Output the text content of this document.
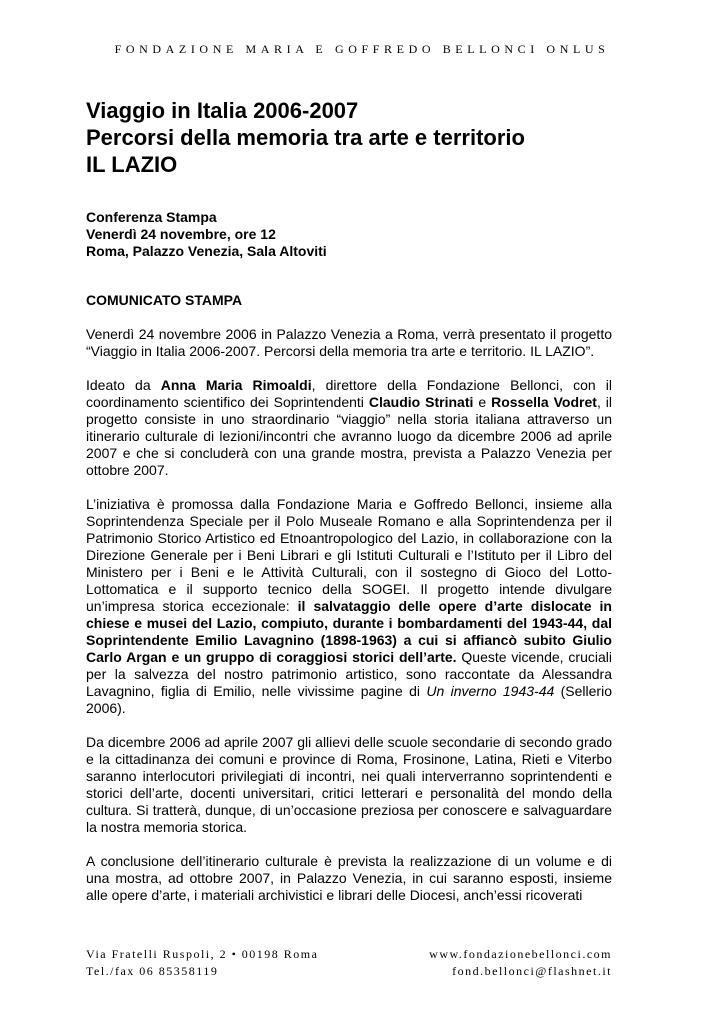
FONDAZIONE MARIA E GOFFREDO BELLONCI ONLUS
Viaggio in Italia 2006-2007
Percorsi della memoria tra arte e territorio
IL LAZIO
Conferenza Stampa
Venerdì 24 novembre, ore 12
Roma, Palazzo Venezia, Sala Altoviti
COMUNICATO STAMPA

Venerdì 24 novembre 2006 in Palazzo Venezia a Roma, verrà presentato il progetto “Viaggio in Italia 2006-2007. Percorsi della memoria tra arte e territorio. IL LAZIO”.

Ideato da Anna Maria Rimoaldi, direttore della Fondazione Bellonci, con il coordinamento scientifico dei Soprintendenti Claudio Strinati e Rossella Vodret, il progetto consiste in uno straordinario “viaggio” nella storia italiana attraverso un itinerario culturale di lezioni/incontri che avranno luogo da dicembre 2006 ad aprile 2007 e che si concluderà con una grande mostra, prevista a Palazzo Venezia per ottobre 2007.

L’iniziativa è promossa dalla Fondazione Maria e Goffredo Bellonci, insieme alla Soprintendenza Speciale per il Polo Museale Romano e alla Soprintendenza per il Patrimonio Storico Artistico ed Etnoantropologico del Lazio, in collaborazione con la Direzione Generale per i Beni Librari e gli Istituti Culturali e l’Istituto per il Libro del Ministero per i Beni e le Attività Culturali, con il sostegno di Gioco del Lotto-Lottomatica e il supporto tecnico della SOGEI. Il progetto intende divulgare un’impresa storica eccezionale: il salvataggio delle opere d’arte dislocate in chiese e musei del Lazio, compiuto, durante i bombardamenti del 1943-44, dal Soprintendente Emilio Lavagnino (1898-1963) a cui si affiancò subito Giulio Carlo Argan e un gruppo di coraggiosi storici dell’arte. Queste vicende, cruciali per la salvezza del nostro patrimonio artistico, sono raccontate da Alessandra Lavagnino, figlia di Emilio, nelle vivissime pagine di Un inverno 1943-44 (Sellerio 2006).

Da dicembre 2006 ad aprile 2007 gli allievi delle scuole secondarie di secondo grado e la cittadinanza dei comuni e province di Roma, Frosinone, Latina, Rieti e Viterbo saranno interlocutori privilegiati di incontri, nei quali interverranno soprintendenti e storici dell’arte, docenti universitari, critici letterari e personalità del mondo della cultura. Si tratterà, dunque, di un’occasione preziosa per conoscere e salvaguardare la nostra memoria storica.

A conclusione dell’itinerario culturale è prevista la realizzazione di un volume e di una mostra, ad ottobre 2007, in Palazzo Venezia, in cui saranno esposti, insieme alle opere d’arte, i materiali archivistici e librari delle Diocesi, anch’essi ricoverati

Via Fratelli Ruspoli, 2 • 00198 Roma
Tel./fax 06 85358119
www.fondazionebellonci.com
fond.bellonci@flashnet.it
